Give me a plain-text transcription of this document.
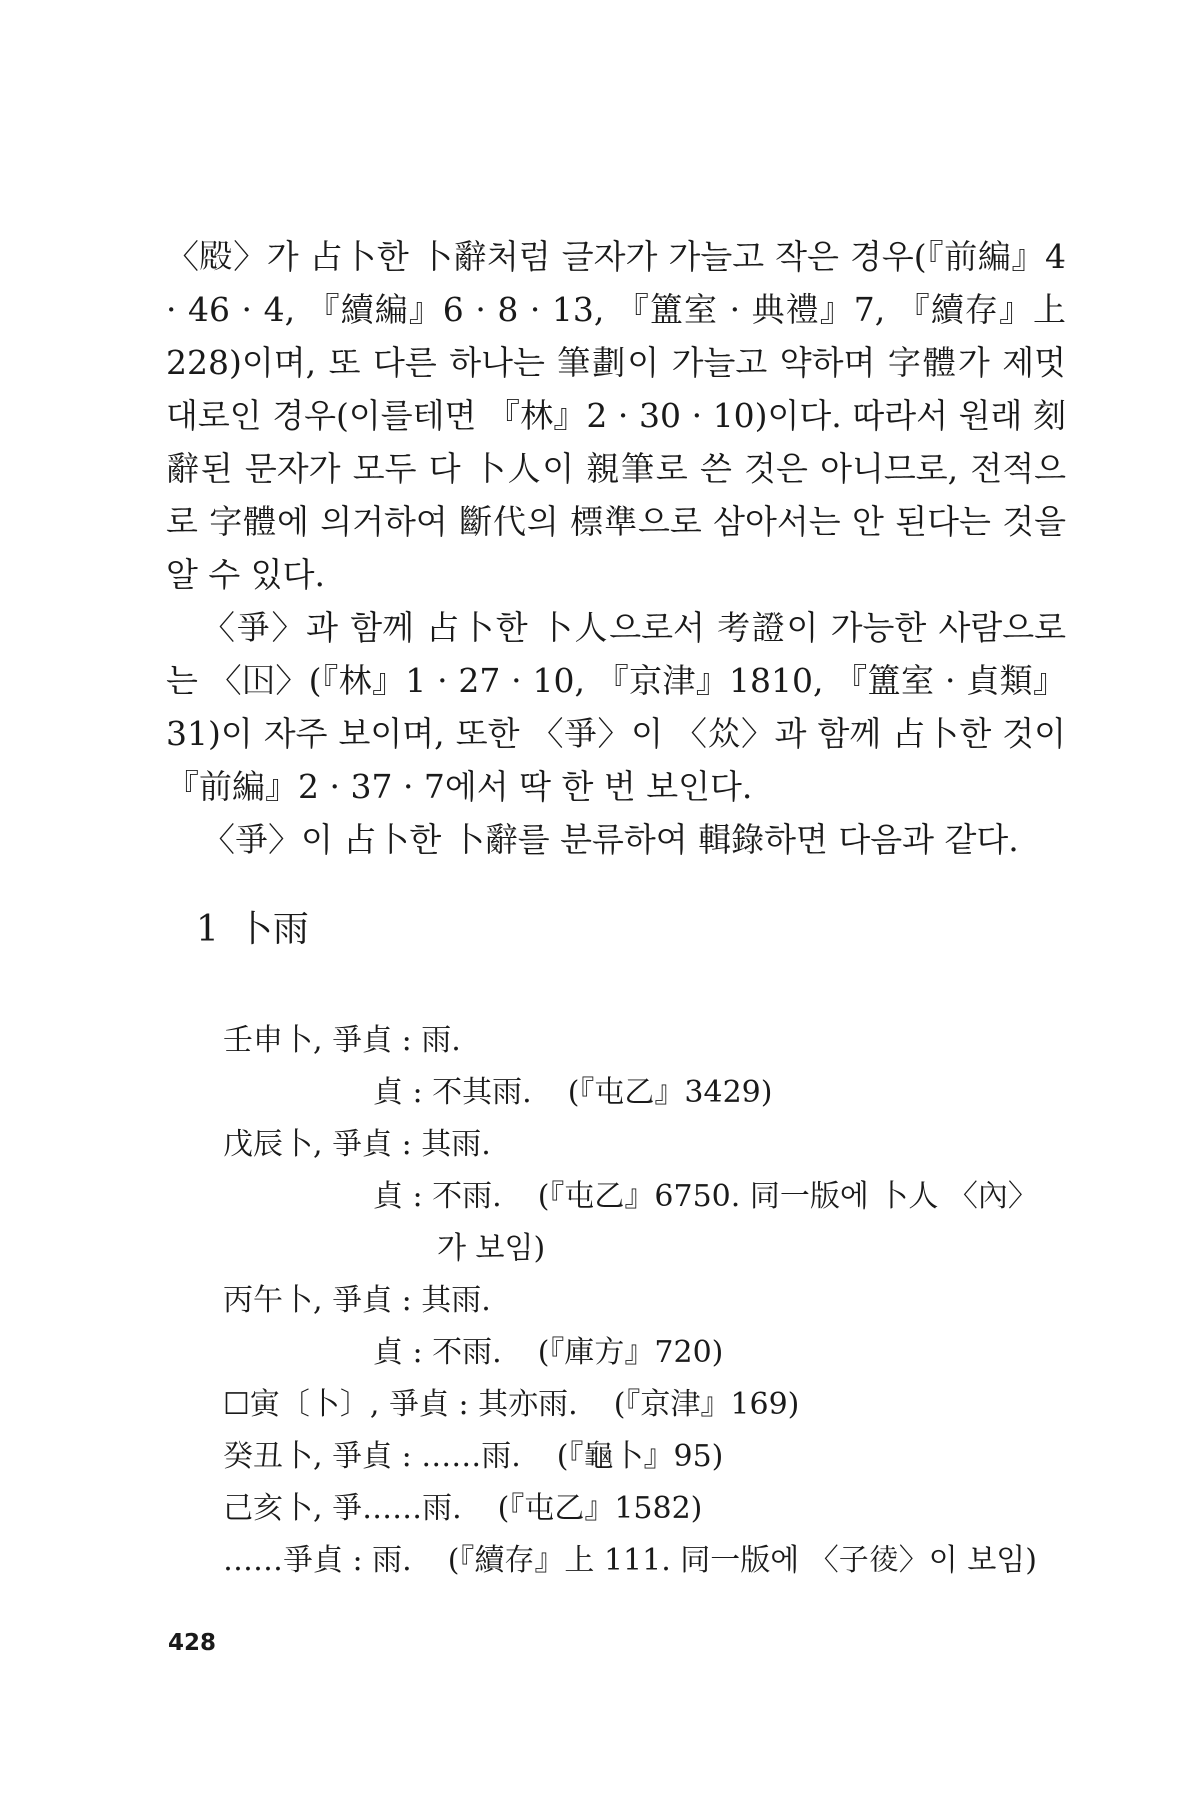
〈𣪍〉가 占卜한 卜辭처럼 글자가 가늘고 작은 경우(『前編』4 · 46 · 4, 『續編』6 · 8 · 13, 『簠室 · 典禮』7, 『續存』上 228)이며, 또 다른 하나는 筆劃이 가늘고 약하며 字體가 제멋대로인 경우(이를테면 『林』2 · 30 · 10)이다. 따라서 원래 刻辭된 문자가 모두 다 卜人이 親筆로 쓴 것은 아니므로, 전적으로 字體에 의거하여 斷代의 標準으로 삼아서는 안 된다는 것을 알 수 있다.

〈爭〉과 함께 占卜한 卜人으로서 考證이 가능한 사람으로는 〈𡆥〉(『林』1 · 27 · 10, 『京津』1810, 『簠室 · 貞類』31)이 자주 보이며, 또한 〈爭〉이 〈𠈌〉과 함께 占卜한 것이 『前編』2 · 37 · 7에서 딱 한 번 보인다.

〈爭〉이 占卜한 卜辭를 분류하여 輯錄하면 다음과 같다.

1 卜雨
壬申卜, 爭貞 : 雨.
貞 : 不其雨. (『屯乙』3429)
戊辰卜, 爭貞 : 其雨.
貞 : 不雨. (『屯乙』6750. 同一版에 卜人 〈內〉
가 보임)
丙午卜, 爭貞 : 其雨.
貞 : 不雨. (『庫方』720)
☐寅〔卜〕, 爭貞 : 其亦雨. (『京津』169)
癸丑卜, 爭貞 : ……雨. (『龜卜』95)
己亥卜, 爭……雨. (『屯乙』1582)
……爭貞 : 雨. (『續存』上 111. 同一版에 〈子𢔁〉이 보임)
428
